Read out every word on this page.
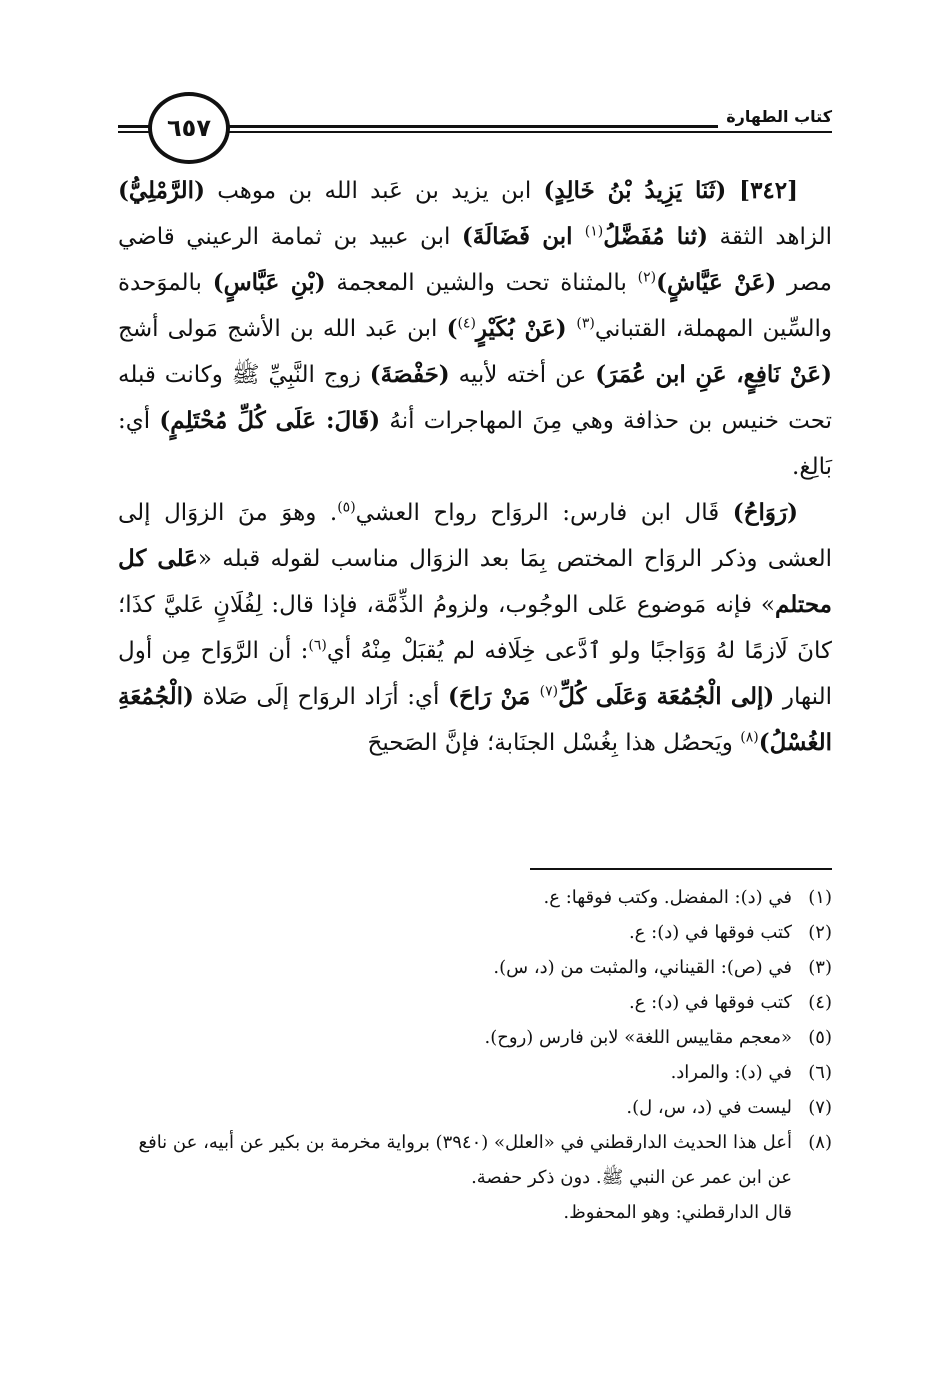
كتاب الطهارة
٦٥٧

[٣٤٢] (ثَنَا يَزِيدُ بْنُ خَالِدٍ) ابن يزيد بن عَبد الله بن موهب (الرَّمْلِيُّ) الزاهد الثقة (ثنا مُفَضَّلُ$^{(١)}$ ابن فَضَالَةَ) ابن عبيد بن ثمامة الرعيني قاضي مصر (عَنْ عَيَّاشٍ)$^{(٢)}$ بالمثناة تحت والشين المعجمة (بْنِ عَبَّاسٍ) بالموَحدة والسِّين المهملة، القتباني$^{(٣)}$ (عَنْ بُكَيْرٍ$^{(٤)}$) ابن عَبد الله بن الأشج مَولى أشج (عَنْ نَافِعٍ، عَنِ ابن عُمَرَ) عن أخته لأبيه (حَفْصَةَ) زوج النَّبِيِّ ﷺ وكانت قبله تحت خنيس بن حذافة وهي مِنَ المهاجرات أنهُ (قَالَ: عَلَى كُلِّ مُحْتَلِمٍ) أي: بَالِغ.

(رَوَاحُ) قَال ابن فارس: الروَاح رواح العشي$^{(٥)}$. وهوَ منَ الزوَال إلى العشى وذكر الروَاح المختص بِمَا بعد الزوَال مناسب لقوله قبله «عَلى كل محتلم» فإنه مَوضوع عَلى الوجُوب، ولزومُ الذِّمَّة، فإذا قال: لِفُلَانٍ عَليَّ كذَا؛ كانَ لَازمًا لهُ وَوَاجبًا ولو ٱدَّعى خِلَافه لم يُقبَلْ مِنْهُ أي$^{(٦)}$: أن الرَّوَاح مِن أول النهار (إلى الْجُمُعَة وَعَلَى كُلِّ$^{(٧)}$ مَنْ رَاحَ) أي: أرَاد الروَاح إلَى صَلاة (الْجُمُعَةِ الغُسْلُ)$^{(٨)}$ ويَحصُل هذا بِغُسْل الجنَابة؛ فإنَّ الصَحيحَ

(١)
في (د): المفضل. وكتب فوقها: ع.
(٢)
كتب فوقها في (د): ع.
(٣)
في (ص): القيناني، والمثبت من (د، س).
(٤)
كتب فوقها في (د): ع.
(٥)
«معجم مقاييس اللغة» لابن فارس (روح).
(٦)
في (د): والمراد.
(٧)
ليست في (د، س، ل).
(٨)
أعل هذا الحديث الدارقطني في «العلل» (٣٩٤٠) برواية مخرمة بن بكير عن أبيه، عن نافع عن ابن عمر عن النبي ﷺ. دون ذكر حفصة.
قال الدارقطني: وهو المحفوظ.
